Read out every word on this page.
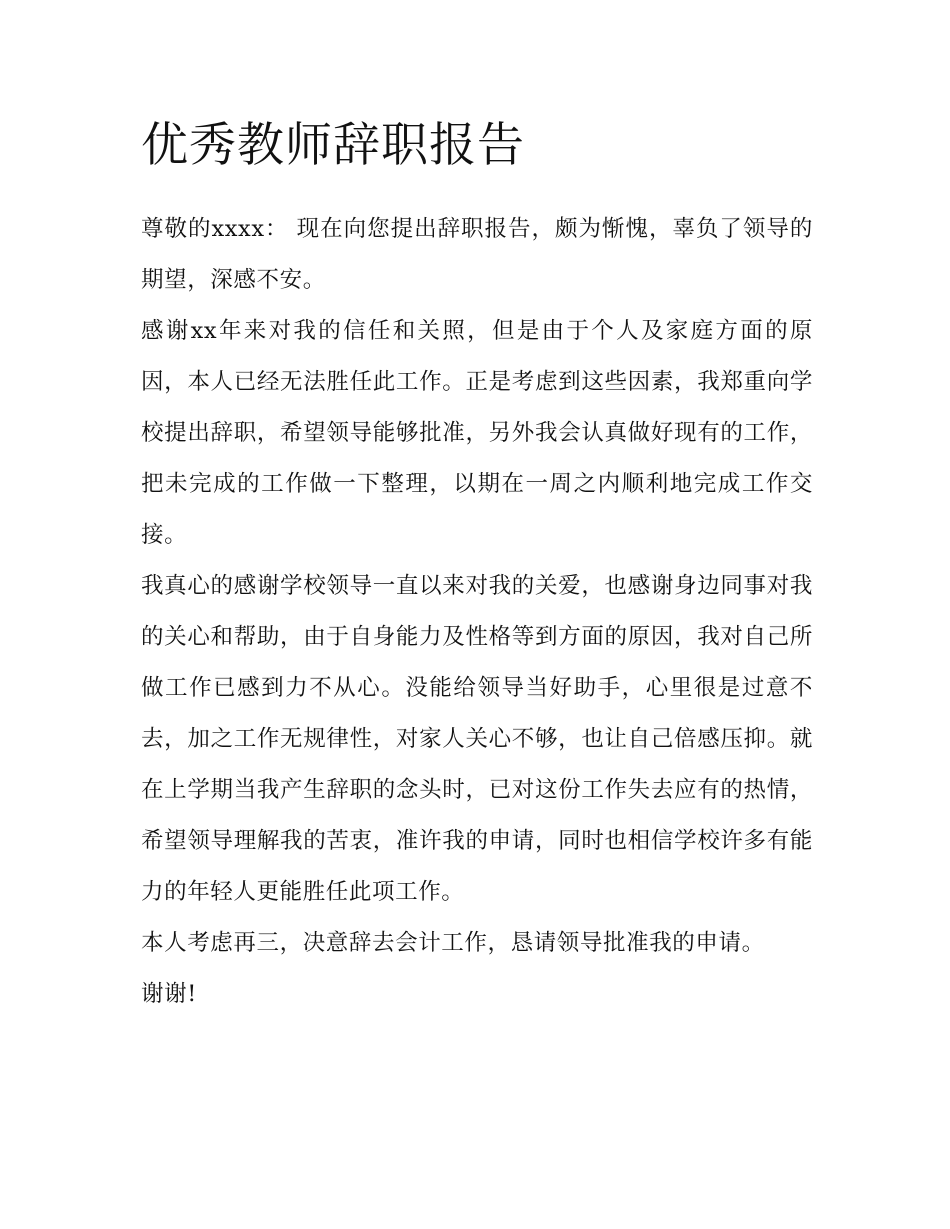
优秀教师辞职报告

尊敬的xxxx： 现在向您提出辞职报告，颇为惭愧，辜负了领导的期望，深感不安。

感谢xx年来对我的信任和关照，但是由于个人及家庭方面的原因，本人已经无法胜任此工作。正是考虑到这些因素，我郑重向学校提出辞职，希望领导能够批准，另外我会认真做好现有的工作，把未完成的工作做一下整理，以期在一周之内顺利地完成工作交接。

我真心的感谢学校领导一直以来对我的关爱，也感谢身边同事对我的关心和帮助，由于自身能力及性格等到方面的原因，我对自己所做工作已感到力不从心。没能给领导当好助手，心里很是过意不去，加之工作无规律性，对家人关心不够，也让自己倍感压抑。就在上学期当我产生辞职的念头时，已对这份工作失去应有的热情，希望领导理解我的苦衷，准许我的申请，同时也相信学校许多有能力的年轻人更能胜任此项工作。

本人考虑再三，决意辞去会计工作，恳请领导批准我的申请。

谢谢!
